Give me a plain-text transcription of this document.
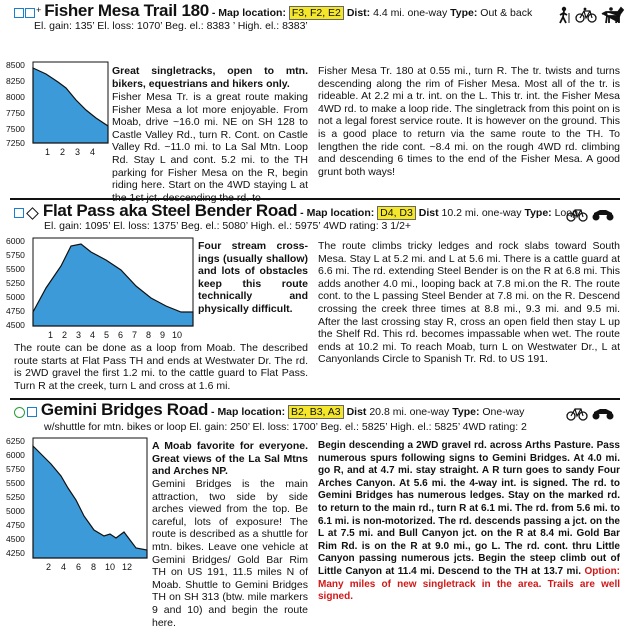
+ Fisher Mesa Trail 180 - Map location: F3, F2, E2 Dist: 4.4 mi. one-way Type: Out & back
El. gain: 135’ El. loss: 1070’ Beg. el.: 8383 ’ High. el.: 8383’
8500
8250
8000
7750
7500
7250
1 2 3 4
Great singletracks, open to mtn. bikers, equestrians and hikers only.
Fisher Mesa Tr. is a great route making Fisher Mesa a lot more enjoyable. From Moab, drive ~16.0 mi. NE on SH 128 to Castle Valley Rd., turn R. Cont. on Castle Valley Rd. ~11.0 mi. to La Sal Mtn. Loop Rd. Stay L and cont. 5.2 mi. to the TH parking for Fisher Mesa on the R, begin riding here. Start on the 4WD staying L at
Fisher Mesa Tr. 180 at 0.55 mi., turn R. The tr. twists and turns descending along the rim of Fisher Mesa. Most all of the tr. is rideable. At 2.2 mi a tr. int. on the L. This tr. int. the Fisher Mesa 4WD rd. to make a loop ride. The singletrack from this point on is not a legal forest service route. It is however on the ground. This is a good place to return via the same route to the TH. To lengthen the ride cont. ~8.4 mi. on the rough 4WD rd. climbing and descending 6 times to the end of the Fisher Mesa. A good grunt both ways!
Flat Pass aka Steel Bender Road - Map location: D4, D3 Dist 10.2 mi. one-way Type: Loop
El. gain: 1095’ El. loss: 1375’ Beg. el.: 5080’ High. el.: 5975’ 4WD rating: 3 1/2+
6000
5750
5500
5250
5000
4750
4500
1 2 3 4 5 6 7 8 9 10
Four stream cross-ings (usually shallow) and lots of obstacles keep this route technically and physically difficult.
The route can be done as a loop from Moab. The described route starts at Flat Pass TH and ends at Westwater Dr. The rd. is 2WD gravel the first 1.2 mi. to the cattle guard to Flat Pass. Turn R at the creek, turn L and cross at 1.6 mi.
The route climbs tricky ledges and rock slabs toward South Mesa. Stay L at 5.2 mi. and L at 5.6 mi. There is a cattle guard at 6.6 mi. The rd. extending Steel Bender is on the R at 6.8 mi. This adds another 4.0 mi., looping back at 7.8 mi.on the R. The route cont. to the L passing Steel Bender at 7.8 mi. on the R. Descend crossing the creek three times at 8.8 mi., 9.3 mi. and 9.5 mi. After the last crossing stay R, cross an open field then stay L up the Shelf Rd. This rd. becomes impassable when wet. The route ends at 10.2 mi. To reach Moab, turn L on Westwater Dr., L at Canyonlands Circle to Spanish Tr. Rd. to US 191.
Gemini Bridges Road - Map location: B2, B3, A3 Dist 20.8 mi. one-way Type: One-way
w/shuttle for mtn. bikes or loop El. gain: 250’ El. loss: 1700’ Beg. el.: 5825’ High. el.: 5825’ 4WD rating: 2
6250
6000
5750
5500
5250
5000
4750
4500
4250
2 4 6 8 10 12
A Moab favorite for everyone. Great views of the La Sal Mtns and Arches NP.
Gemini Bridges is the main attraction, two side by side arches viewed from the top. Be careful, lots of exposure! The route is described as a shuttle for mtn. bikes. Leave one vehicle at Gemini Bridges/ Gold Bar Rim TH on US 191, 11.5 miles N of Moab. Shuttle to Gemini Bridges TH on SH 313 (btw. mile markers 9 and 10) and begin the route here.
Begin descending a 2WD graveI rd. across Arths Pasture. Pass numerous spurs following signs to Gemini Bridges. At 4.0 mi. go R, and at 4.7 mi. stay straight. A R turn goes to sandy Four Arches Canyon. At 5.6 mi. the 4-way int. is signed. The rd. to Gemini Bridges has numerous ledges. Stay on the marked rd. to return to the main rd., turn R at 6.1 mi. The rd. from 5.6 mi. to 6.1 mi. is non-motorized. The rd. descends passing a jct. on the L at 7.5 mi. and Bull Canyon jct. on the R at 8.4 mi. Gold Bar Rim Rd. is on the R at 9.0 mi., go L. The rd. cont. thru Little Canyon passing numerous jcts. Begin the steep climb out of Little Canyon at 11.4 mi. Descend to the TH at 13.7 mi. Option: Many miles of new singletrack in the area. Trails are well signed.
